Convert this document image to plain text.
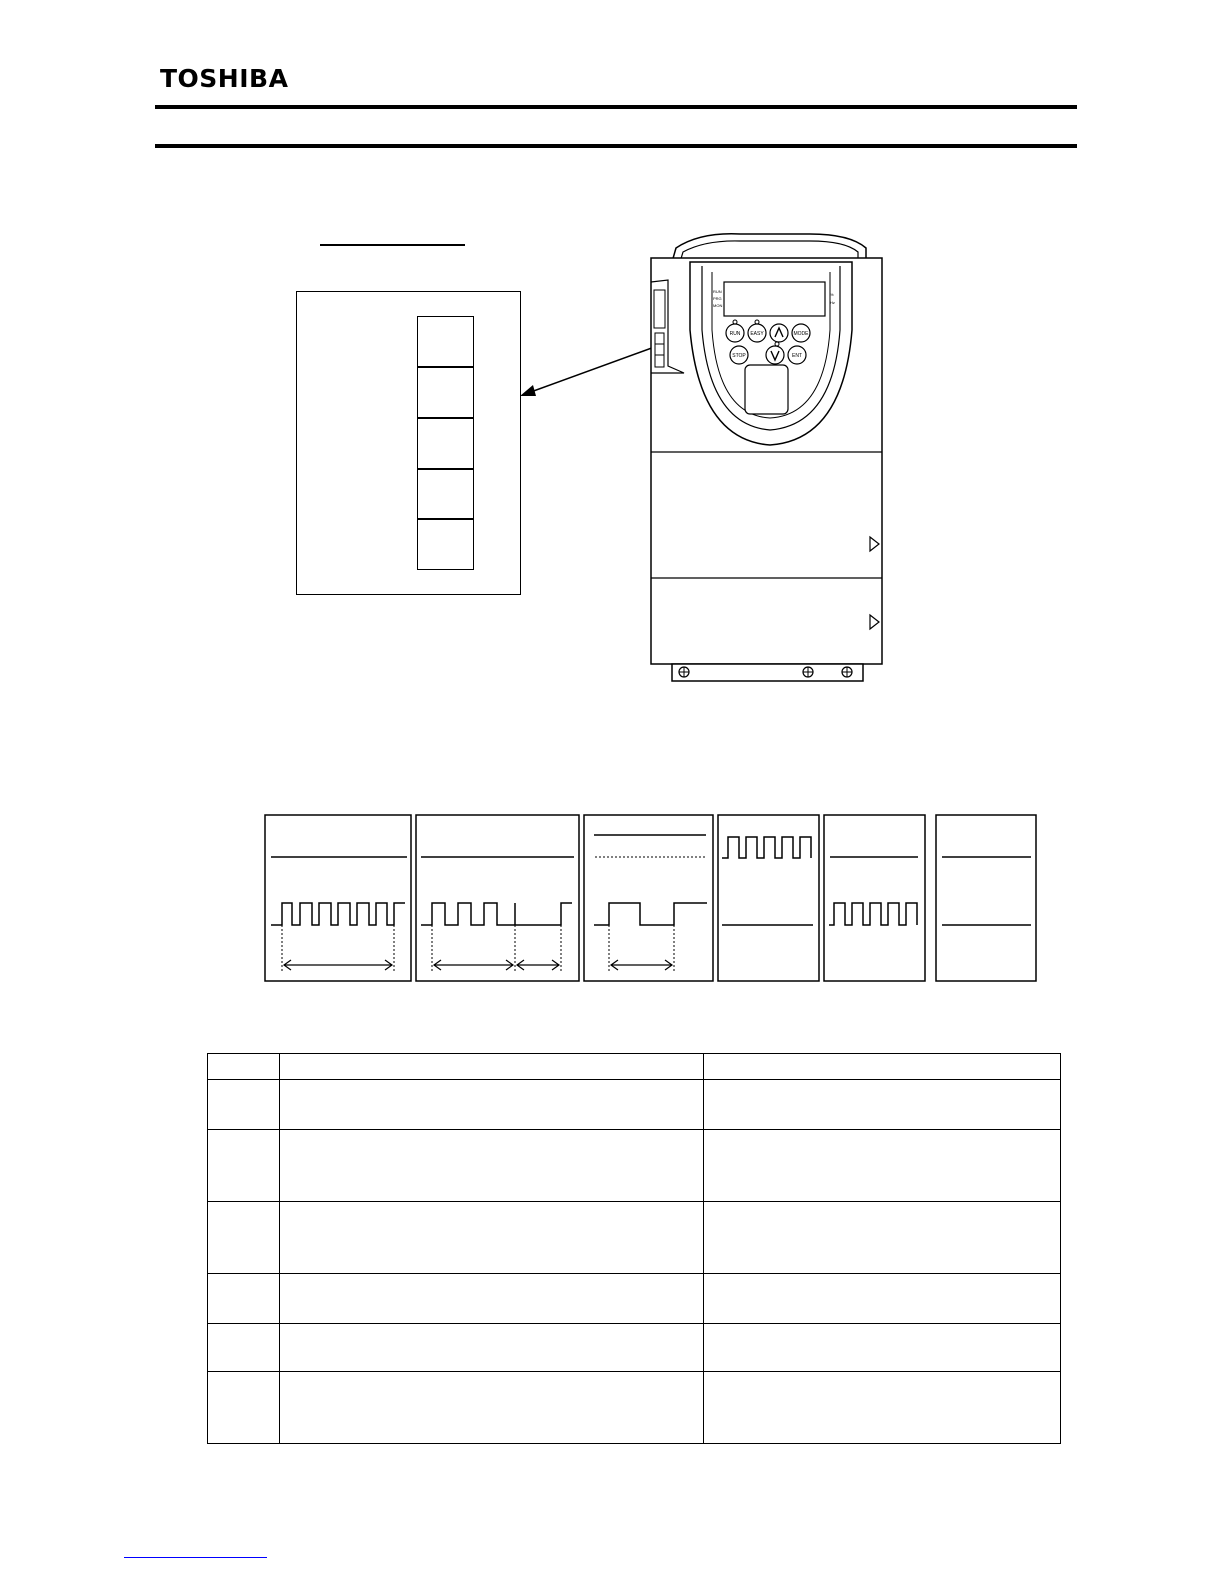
TOSHIBA
RUN
PRG
MON
%
Hz
RUN EASY	MODE
STOP	ENT
